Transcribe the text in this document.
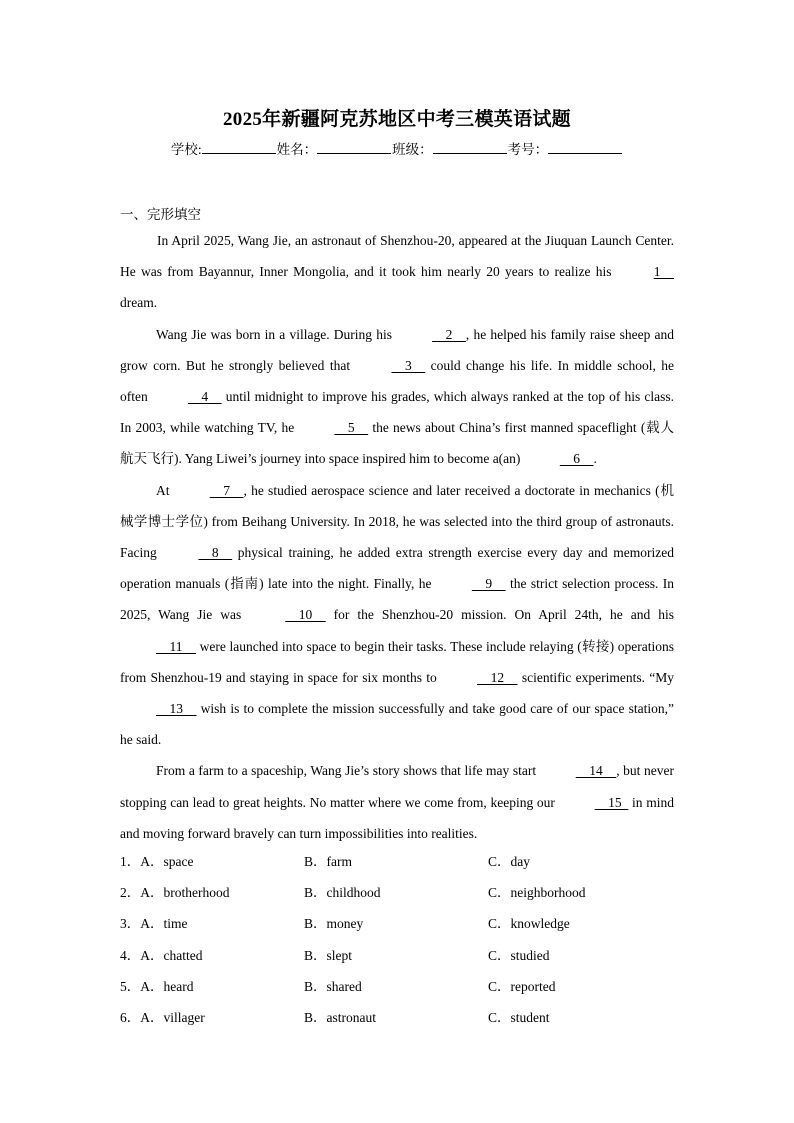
2025年新疆阿克苏地区中考三模英语试题
学校:	姓名：	班级：	考号：
一、完形填空

In April 2025, Wang Jie, an astronaut of Shenzhou-20, appeared at the Jiuquan Launch Center. He was from Bayannur, Inner Mongolia, and it took him nearly 20 years to realize his	1     dream.

Wang Jie was born in a village. During his	2    , he helped his family raise sheep and grow corn. But he strongly believed that	3     could change his life. In middle school, he often	4     until midnight to improve his grades, which always ranked at the top of his class. In 2003, while watching TV, he	5     the news about China’s first manned spaceflight (载人航天飞行). Yang Liwei’s journey into space inspired him to become a(an)	6    .

At	7    , he studied aerospace science and later received a doctorate in mechanics (机械学博士学位) from Beihang University. In 2018, he was selected into the third group of astronauts. Facing	8     physical training, he added extra strength exercise every day and memorized operation manuals (指南) late into the night. Finally, he	9     the strict selection process. In 2025, Wang Jie was	10     for the Shenzhou-20 mission. On April 24th, he and his     11     were launched into space to begin their tasks. These include relaying (转接) operations from Shenzhou-19 and staying in space for six months to	12     scientific experiments. “My     13     wish is to complete the mission successfully and take good care of our space station,” he said.

From a farm to a spaceship, Wang Jie’s story shows that life may start	14    , but never stopping can lead to great heights. No matter where we come from, keeping our	15   in mind and moving forward bravely can turn impossibilities into realities.

1．A．space	B．farm	C．day
2．A．brotherhood	B．childhood	C．neighborhood
3．A．time	B．money	C．knowledge
4．A．chatted	B．slept	C．studied
5．A．heard	B．shared	C．reported
6．A．villager	B．astronaut	C．student
